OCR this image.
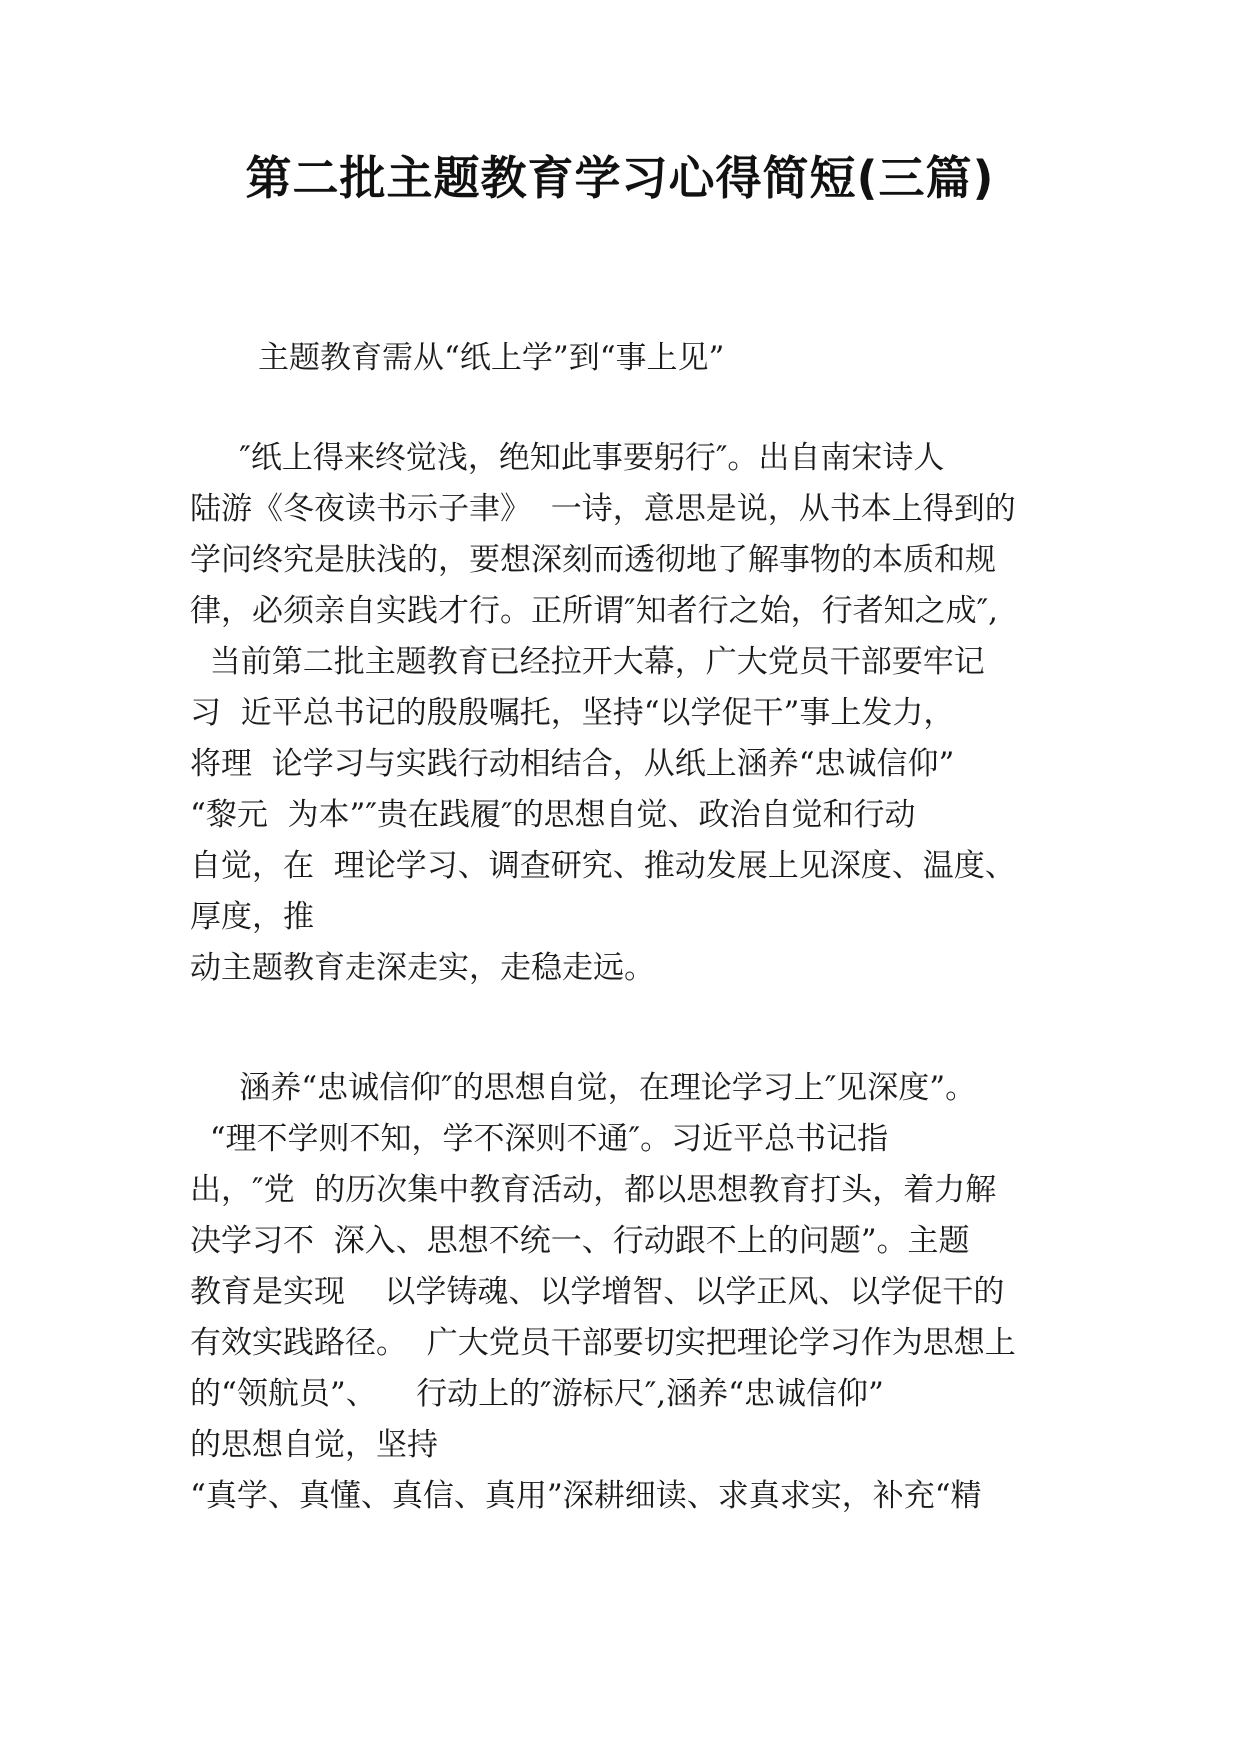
第二批主题教育学习心得简短(三篇)
主题教育需从“纸上学”到“事上见”
″纸上得来终觉浅，绝知此事要躬行″。出自南宋诗人
陆游《冬夜读书示子聿》  一诗，意思是说，从书本上得到的
学问终究是肤浅的，要想深刻而透彻地了解事物的本质和规
律，必须亲自实践才行。正所谓″知者行之始，行者知之成″,
当前第二批主题教育已经拉开大幕，广大党员干部要牢记
习  近平总书记的殷殷嘱托，坚持“以学促干”事上发力，
将理  论学习与实践行动相结合，从纸上涵养“忠诚信仰”
“黎元  为本”″贵在践履″的思想自觉、政治自觉和行动
自觉，在  理论学习、调查研究、推动发展上见深度、温度、
厚度，推
动主题教育走深走实，走稳走远。
涵养“忠诚信仰″的思想自觉，在理论学习上″见深度”。
“理不学则不知，学不深则不通″。习近平总书记指
出，″党  的历次集中教育活动，都以思想教育打头，着力解
决学习不  深入、思想不统一、行动跟不上的问题”。主题
教育是实现    以学铸魂、以学增智、以学正风、以学促干的
有效实践路径。  广大党员干部要切实把理论学习作为思想上
的“领航员”、    行动上的″游标尺″,涵养“忠诚信仰”
的思想自觉，坚持
“真学、真懂、真信、真用”深耕细读、求真求实，补充“精
